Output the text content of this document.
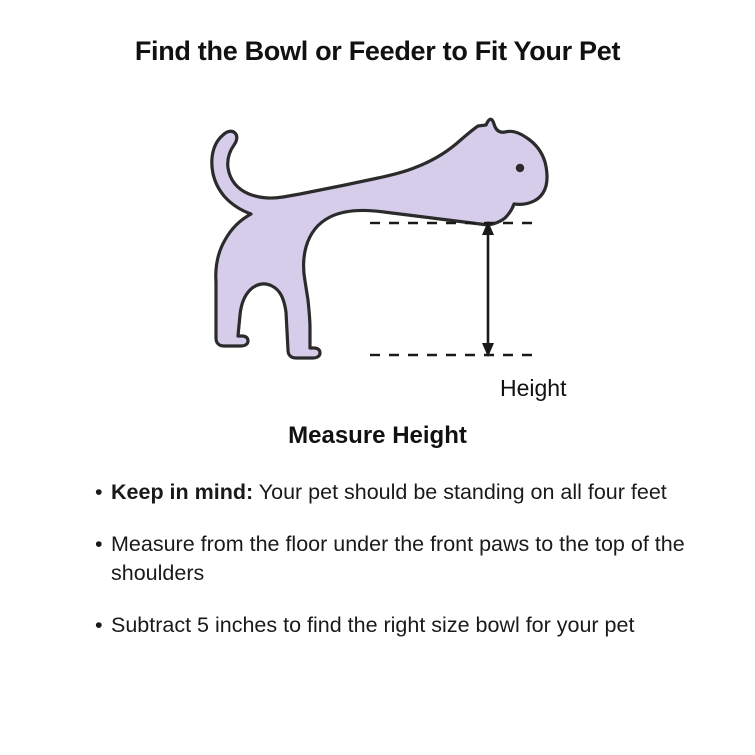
Find the Bowl or Feeder to Fit Your Pet
Height
Measure Height
• Keep in mind: Your pet should be standing on all four feet
• Measure from the floor under the front paws to the top of the shoulders
• Subtract 5 inches to find the right size bowl for your pet
